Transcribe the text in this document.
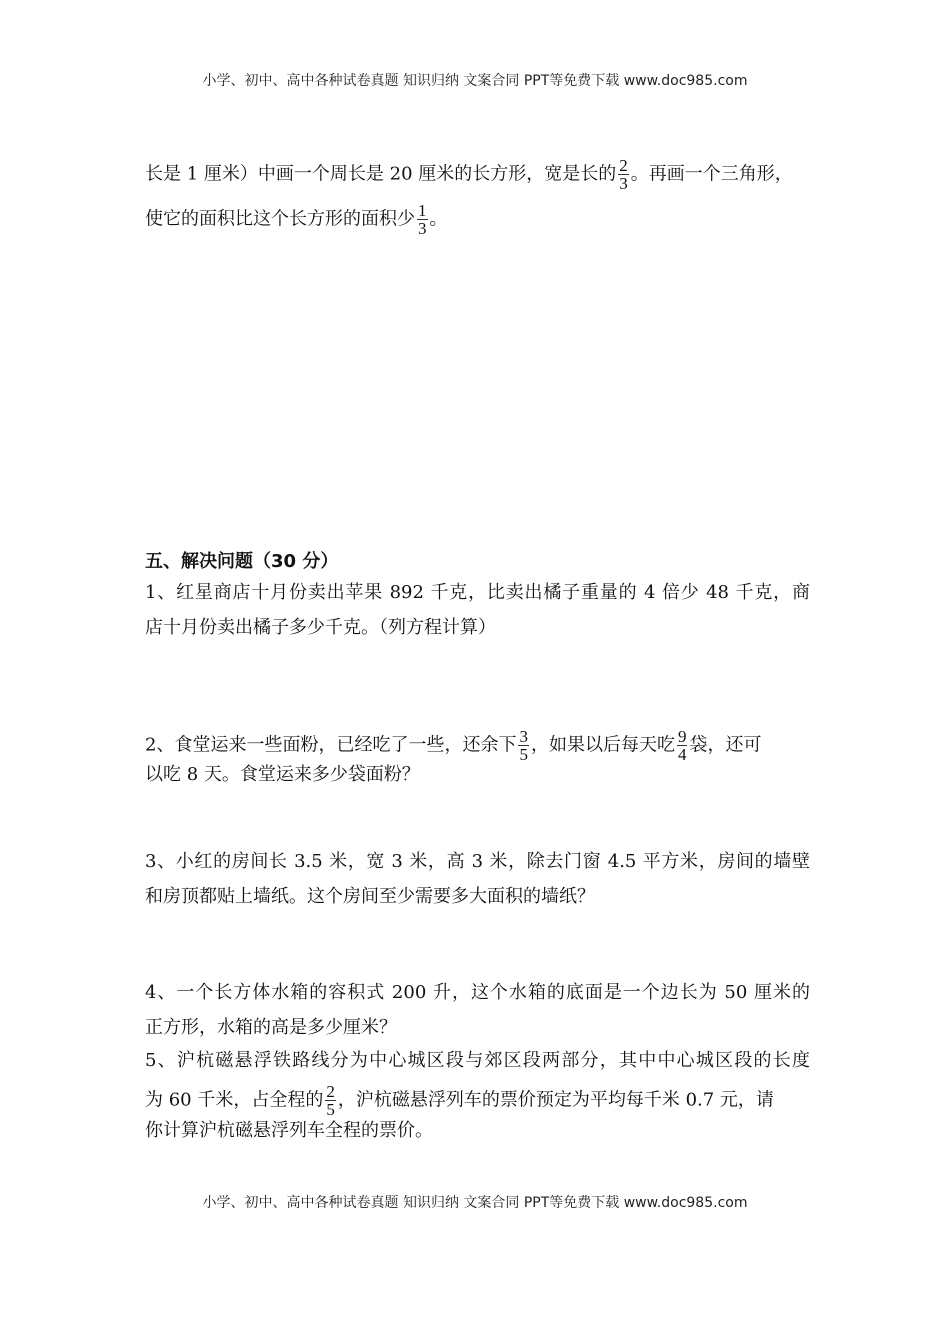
小学、初中、高中各种试卷真题 知识归纳 文案合同 PPT等免费下载 www.doc985.com
长是 1 厘米）中画一个周长是 20 厘米的长方形，宽是长的 $\frac{2}{3}$ 。再画一个三角形，
使它的面积比这个长方形的面积少 $\frac{1}{3}$ 。
五、解决问题（30 分）
1、红星商店十月份卖出苹果 892 千克，比卖出橘子重量的 4 倍少 48 千克，商
店十月份卖出橘子多少千克。（列方程计算）
2、食堂运来一些面粉，已经吃了一些，还余下 $\frac{3}{5}$ ，如果以后每天吃 $\frac{9}{4}$ 袋，还可
以吃 8 天。食堂运来多少袋面粉？
3、小红的房间长 3.5 米，宽 3 米，高 3 米，除去门窗 4.5 平方米，房间的墙壁
和房顶都贴上墙纸。这个房间至少需要多大面积的墙纸？
4、一个长方体水箱的容积式 200 升，这个水箱的底面是一个边长为 50 厘米的
正方形，水箱的高是多少厘米？
5、沪杭磁悬浮铁路线分为中心城区段与郊区段两部分，其中中心城区段的长度
为 60 千米，占全程的 $\frac{2}{5}$ ，沪杭磁悬浮列车的票价预定为平均每千米 0.7 元，请
你计算沪杭磁悬浮列车全程的票价。
小学、初中、高中各种试卷真题 知识归纳 文案合同 PPT等免费下载 www.doc985.com
